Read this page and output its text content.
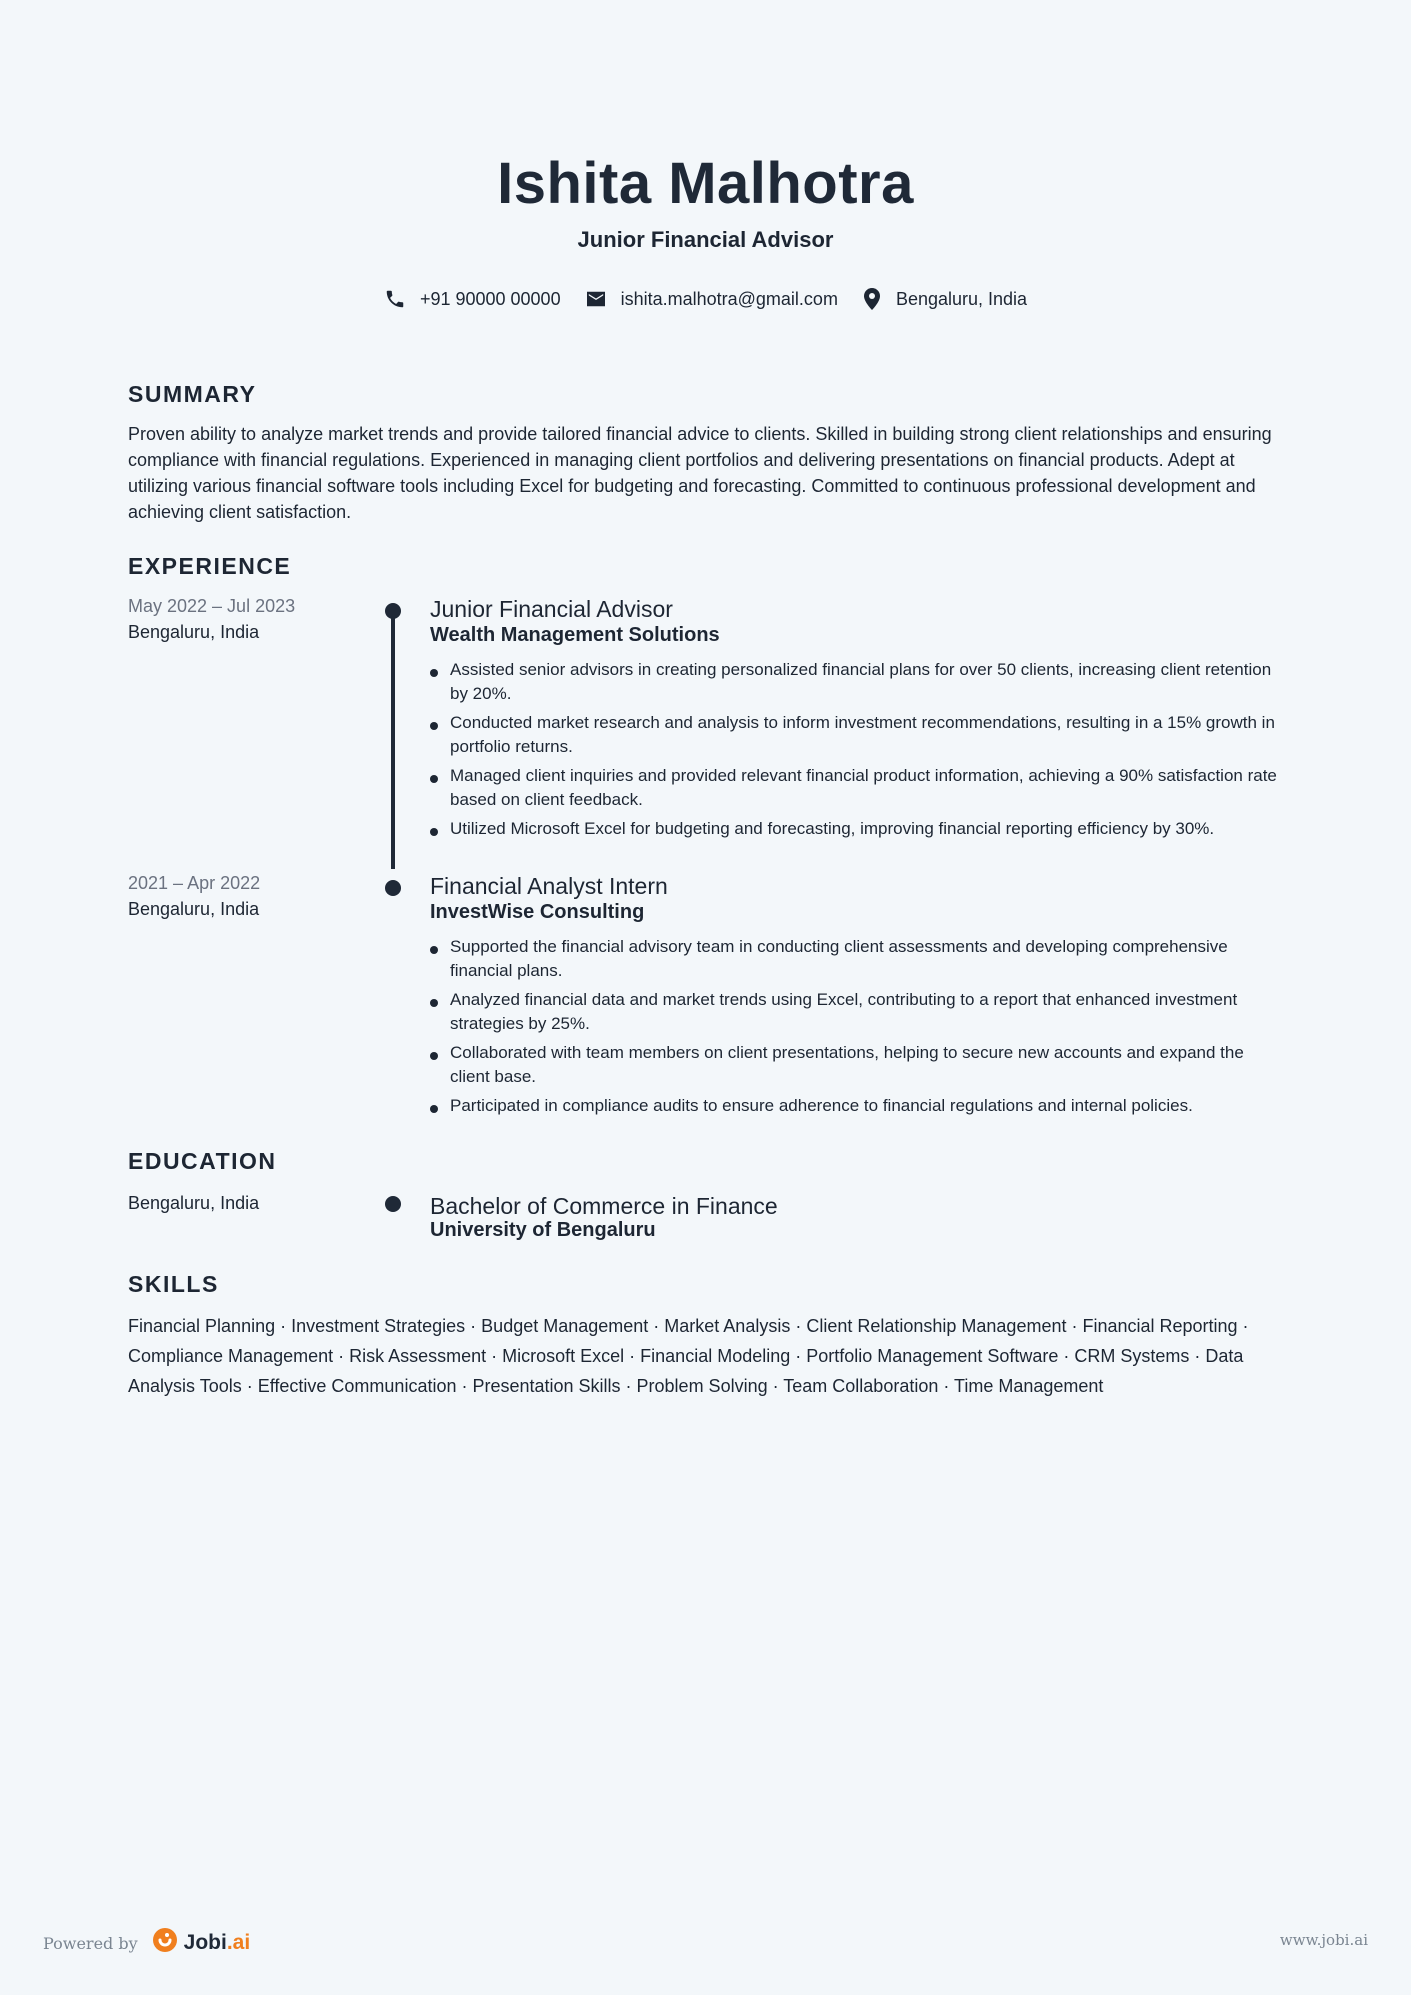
Ishita Malhotra
Junior Financial Advisor
+91 90000 00000	ishita.malhotra@gmail.com	Bengaluru, India
SUMMARY
Proven ability to analyze market trends and provide tailored financial advice to clients. Skilled in building strong client relationships and ensuring compliance with financial regulations. Experienced in managing client portfolios and delivering presentations on financial products. Adept at utilizing various financial software tools including Excel for budgeting and forecasting. Committed to continuous professional development and achieving client satisfaction.
EXPERIENCE
May 2022 – Jul 2023
Bengaluru, India
Junior Financial Advisor
Wealth Management Solutions
Assisted senior advisors in creating personalized financial plans for over 50 clients, increasing client retention by 20%.
Conducted market research and analysis to inform investment recommendations, resulting in a 15% growth in portfolio returns.
Managed client inquiries and provided relevant financial product information, achieving a 90% satisfaction rate based on client feedback.
Utilized Microsoft Excel for budgeting and forecasting, improving financial reporting efficiency by 30%.
2021 – Apr 2022
Bengaluru, India
Financial Analyst Intern
InvestWise Consulting
Supported the financial advisory team in conducting client assessments and developing comprehensive financial plans.
Analyzed financial data and market trends using Excel, contributing to a report that enhanced investment strategies by 25%.
Collaborated with team members on client presentations, helping to secure new accounts and expand the client base.
Participated in compliance audits to ensure adherence to financial regulations and internal policies.
EDUCATION
Bengaluru, India	Bachelor of Commerce in Finance
University of Bengaluru
SKILLS
Financial Planning · Investment Strategies · Budget Management · Market Analysis · Client Relationship Management · Financial Reporting · Compliance Management · Risk Assessment · Microsoft Excel · Financial Modeling · Portfolio Management Software · CRM Systems · Data Analysis Tools · Effective Communication · Presentation Skills · Problem Solving · Team Collaboration · Time Management
Powered by Jobi.ai	www.jobi.ai
